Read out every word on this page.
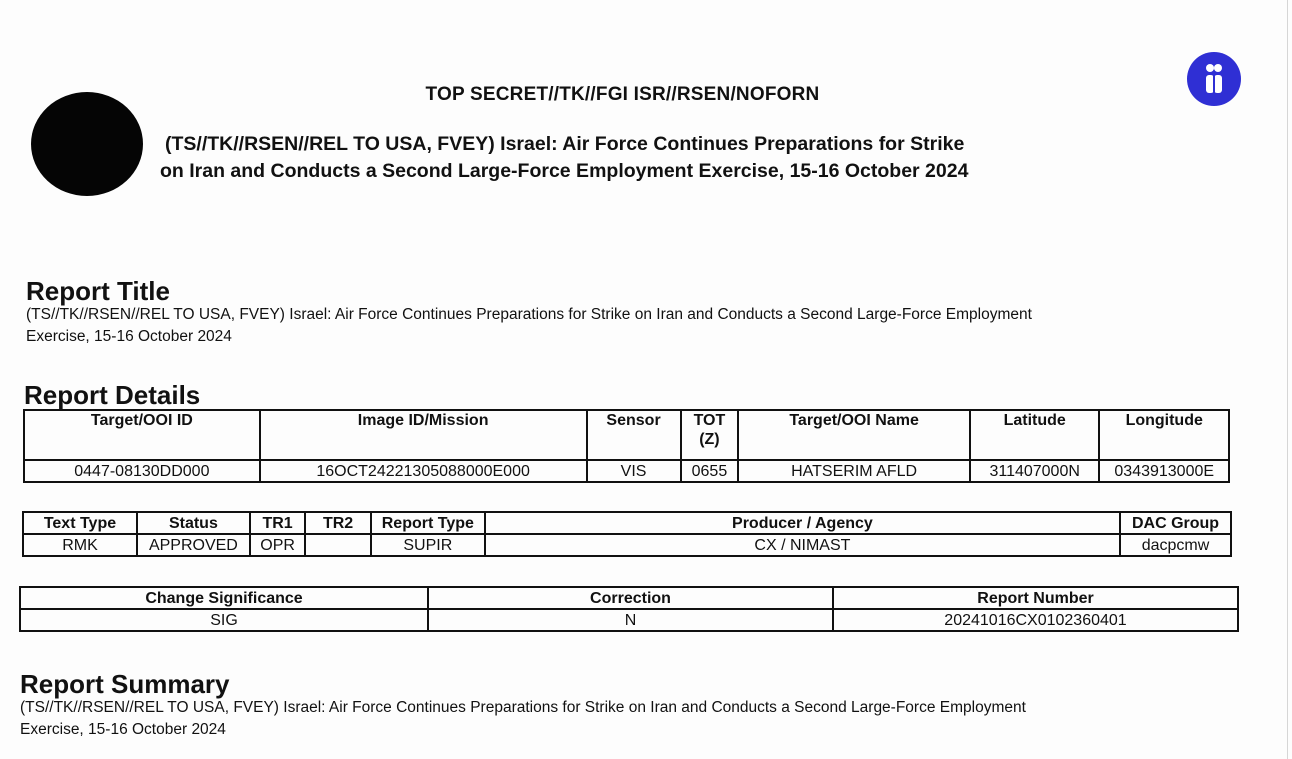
TOP SECRET//TK//FGI ISR//RSEN/NOFORN
(TS//TK//RSEN//REL TO USA, FVEY) Israel: Air Force Continues Preparations for Strike
on Iran and Conducts a Second Large-Force Employment Exercise, 15-16 October 2024
Report Title
(TS//TK//RSEN//REL TO USA, FVEY) Israel: Air Force Continues Preparations for Strike on Iran and Conducts a Second Large-Force Employment
Exercise, 15-16 October 2024
Report Details
Target/OOI ID	Image ID/Mission	Sensor	TOT (Z)	Target/OOI Name	Latitude	Longitude
0447-08130DD000	16OCT24221305088000E000	VIS	0655	HATSERIM AFLD	311407000N	0343913000E
Text Type	Status	TR1	TR2	Report Type	Producer / Agency	DAC Group
RMK	APPROVED	OPR		SUPIR	CX / NIMAST	dacpcmw
Change Significance	Correction	Report Number
SIG	N	20241016CX0102360401
Report Summary
(TS//TK//RSEN//REL TO USA, FVEY) Israel: Air Force Continues Preparations for Strike on Iran and Conducts a Second Large-Force Employment
Exercise, 15-16 October 2024
